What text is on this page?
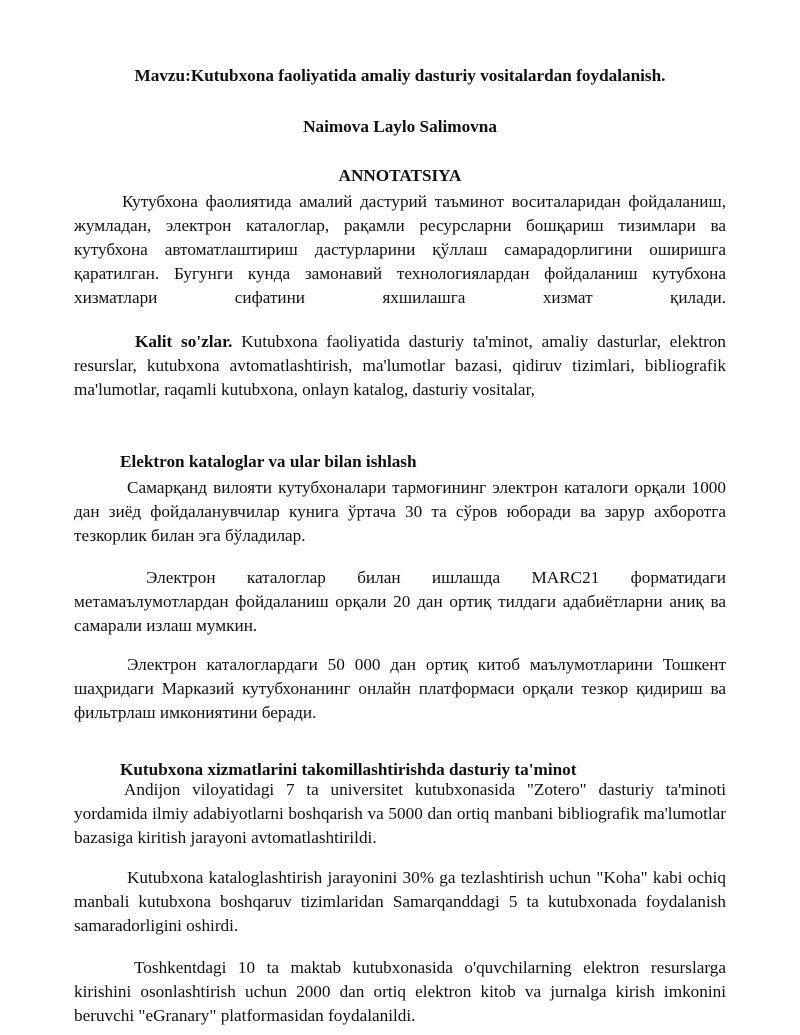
Mavzu:Kutubxona faoliyatida amaliy dasturiy vositalardan foydalanish.
Naimova Laylo Salimovna
ANNOTATSIYA

Кутубхона фаолиятида амалий дастурий таъминот воситаларидан фойдаланиш, жумладан, электрон каталоглар, рақамли ресурсларни бошқариш тизимлари ва кутубхона автоматлаштириш дастурларини қўллаш самарадорлигини оширишга қаратилган. Бугунги кунда замонавий технологиялардан фойдаланиш кутубхона хизматлари сифатини яхшилашга хизмат қилади.

Kalit so'zlar. Kutubxona faoliyatida dasturiy ta'minot, amaliy dasturlar, elektron resurslar, kutubxona avtomatlashtirish, ma'lumotlar bazasi, qidiruv tizimlari, bibliografik ma'lumotlar, raqamli kutubxona, onlayn katalog, dasturiy vositalar,

Elektron kataloglar va ular bilan ishlash

Самарқанд вилояти кутубхоналари тармоғининг электрон каталоги орқали 1000 дан зиёд фойдаланувчилар кунига ўртача 30 та сўров юборади ва зарур ахборотга тезкорлик билан эга бўладилар.

Электрон каталоглар билан ишлашда MARC21 форматидаги метамаълумотлардан фойдаланиш орқали 20 дан ортиқ тилдаги адабиётларни аниқ ва самарали излаш мумкин.

Электрон каталоглардаги 50 000 дан ортиқ китоб маълумотларини Тошкент шаҳридаги Марказий кутубхонанинг онлайн платформаси орқали тезкор қидириш ва фильтрлаш имкониятини беради.

Kutubxona xizmatlarini takomillashtirishda dasturiy ta'minot

Andijon viloyatidagi 7 ta universitet kutubxonasida "Zotero" dasturiy ta'minoti yordamida ilmiy adabiyotlarni boshqarish va 5000 dan ortiq manbani bibliografik ma'lumotlar bazasiga kiritish jarayoni avtomatlashtirildi.

Kutubxona kataloglashtirish jarayonini 30% ga tezlashtirish uchun "Koha" kabi ochiq manbali kutubxona boshqaruv tizimlaridan Samarqanddagi 5 ta kutubxonada foydalanish samaradorligini oshirdi.

Toshkentdagi 10 ta maktab kutubxonasida o'quvchilarning elektron resurslarga kirishini osonlashtirish uchun 2000 dan ortiq elektron kitob va jurnalga kirish imkonini beruvchi "eGranary" platformasidan foydalanildi.
